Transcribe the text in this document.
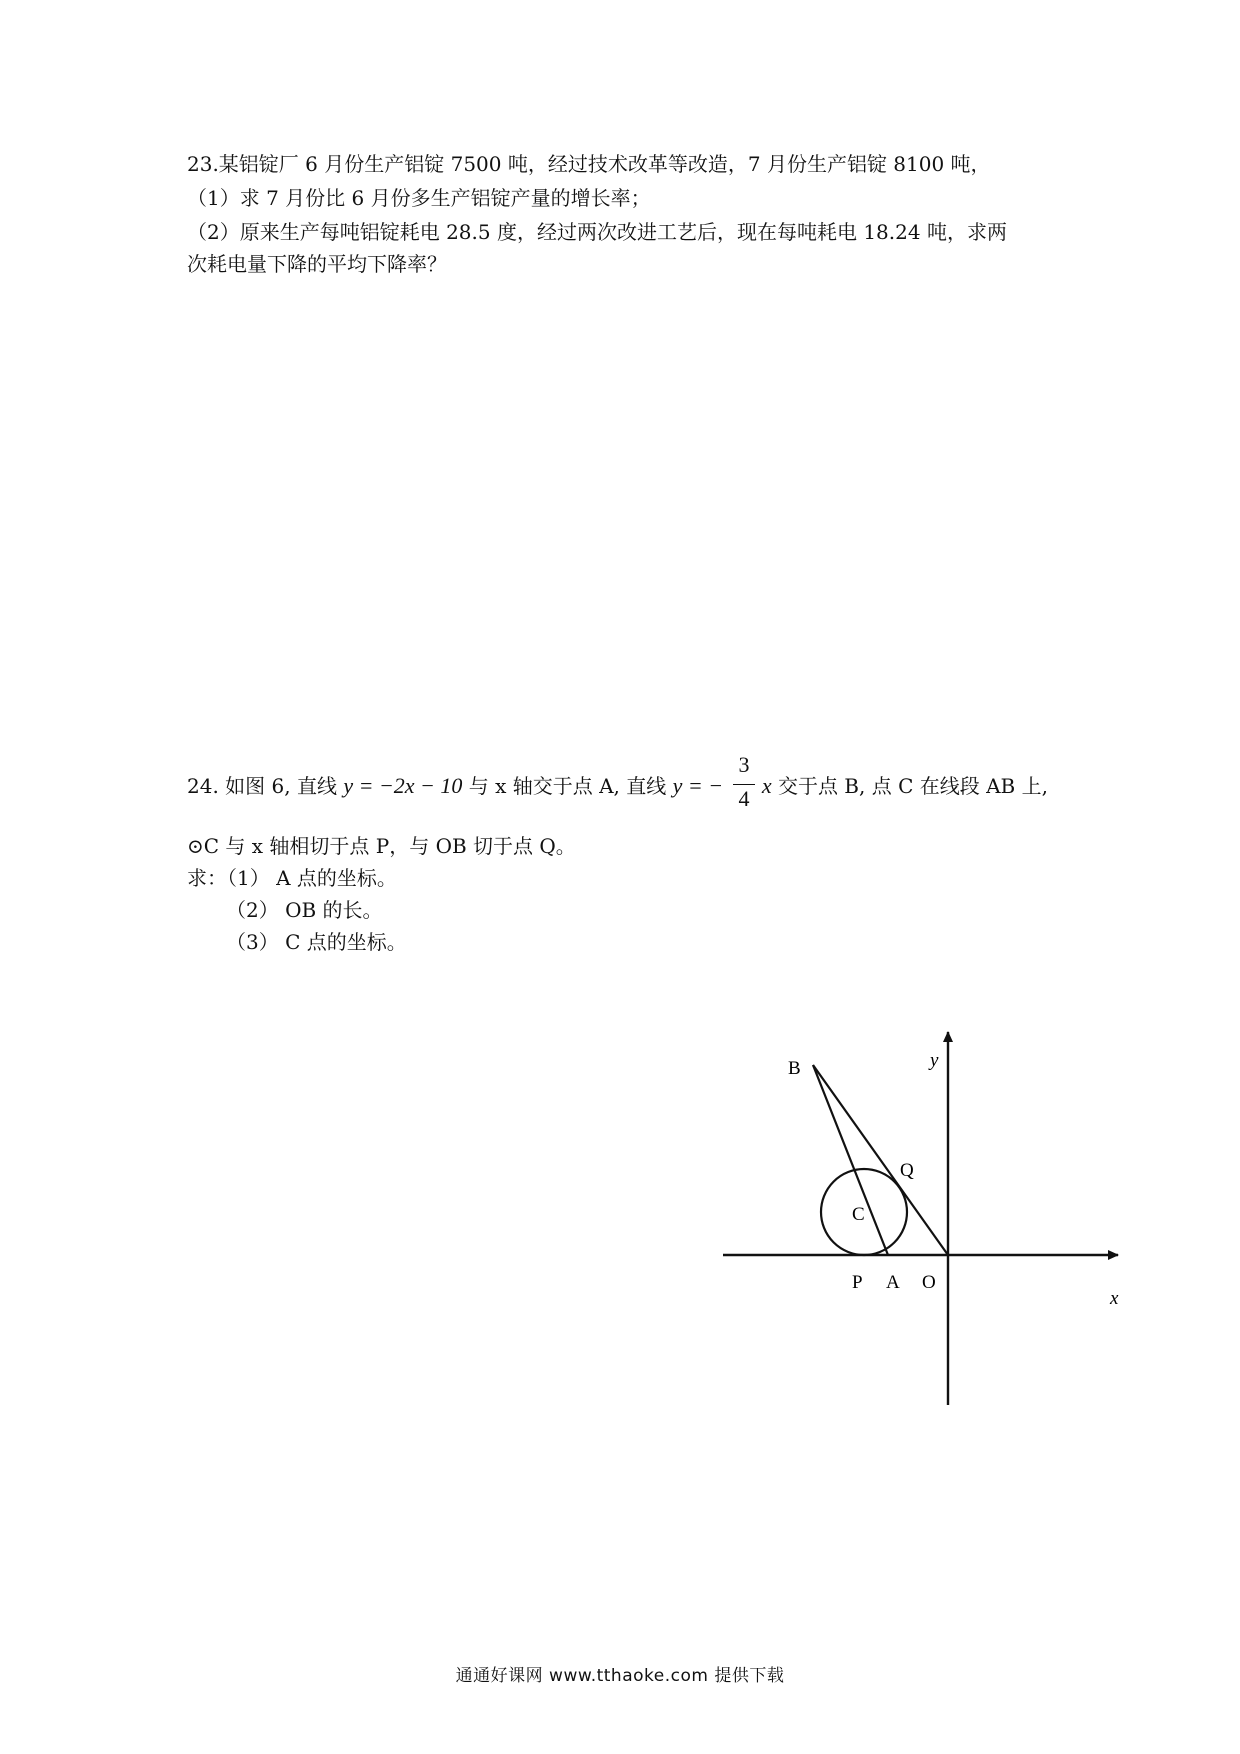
23.某铝锭厂 6 月份生产铝锭 7500 吨，经过技术改革等改造，7 月份生产铝锭 8100 吨，
（1）求 7 月份比 6 月份多生产铝锭产量的增长率；
（2）原来生产每吨铝锭耗电 28.5 度，经过两次改进工艺后，现在每吨耗电 18.24 吨，求两
次耗电量下降的平均下降率？
24. 如图 6, 直线 y = −2x − 10 与 x 轴交于点 A, 直线 y = − x 交于点 B, 点 C 在线段 AB 上,
3
4
⊙C 与 x 轴相切于点 P，与 OB 切于点 Q。
求：（1） A 点的坐标。
（2） OB 的长。
（3） C 点的坐标。
B
Q
C
P A O
x
y
通通好课网 www.tthaoke.com 提供下载
